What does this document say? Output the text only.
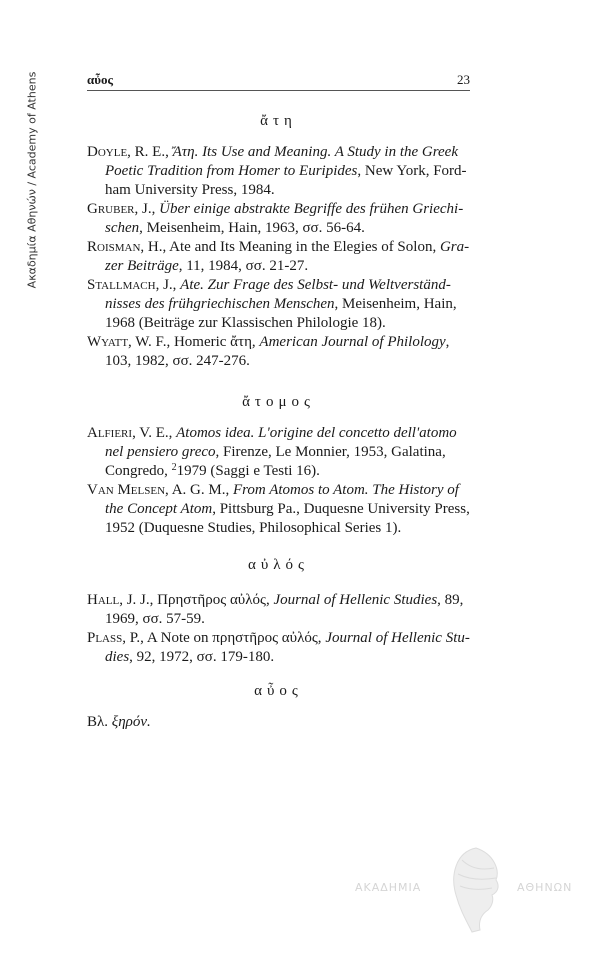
Ακαδημία Αθηνών / Academy of Athens	αὖος	23
ἄτη
Doyle, R. E., Ἄτη. Its Use and Meaning. A Study in the Greek
Poetic Tradition from Homer to Euripides, New York, Ford-
ham University Press, 1984.
Gruber, J., Über einige abstrakte Begriffe des frühen Griechi-
schen, Meisenheim, Hain, 1963, σσ. 56-64.
Roisman, H., Ate and Its Meaning in the Elegies of Solon, Gra-
zer Beiträge, 11, 1984, σσ. 21-27.
Stallmach, J., Ate. Zur Frage des Selbst- und Weltverständ-
nisses des frühgriechischen Menschen, Meisenheim, Hain,
1968 (Beiträge zur Klassischen Philologie 18).
Wyatt, W. F., Homeric ἄτη, American Journal of Philology,
103, 1982, σσ. 247-276.
ἄτομος
Alfieri, V. E., Atomos idea. L'origine del concetto dell'atomo
nel pensiero greco, Firenze, Le Monnier, 1953, Galatina,
Congredo, $^2$1979 (Saggi e Testi 16).
Van Melsen, A. G. M., From Atomos to Atom. The History of
the Concept Atom, Pittsburg Pa., Duquesne University Press,
1952 (Duquesne Studies, Philosophical Series 1).
αὐλός
Hall, J. J., Πρηστῆρος αὐλός, Journal of Hellenic Studies, 89,
1969, σσ. 57-59.
Plass, P., A Note on πρηστῆρος αὐλός, Journal of Hellenic Stu-
dies, 92, 1972, σσ. 179-180.
αὖος
Βλ. ξηρόν.
ΑΚΑΔΗΜΙΑ	ΑΘΗΝΩΝ
